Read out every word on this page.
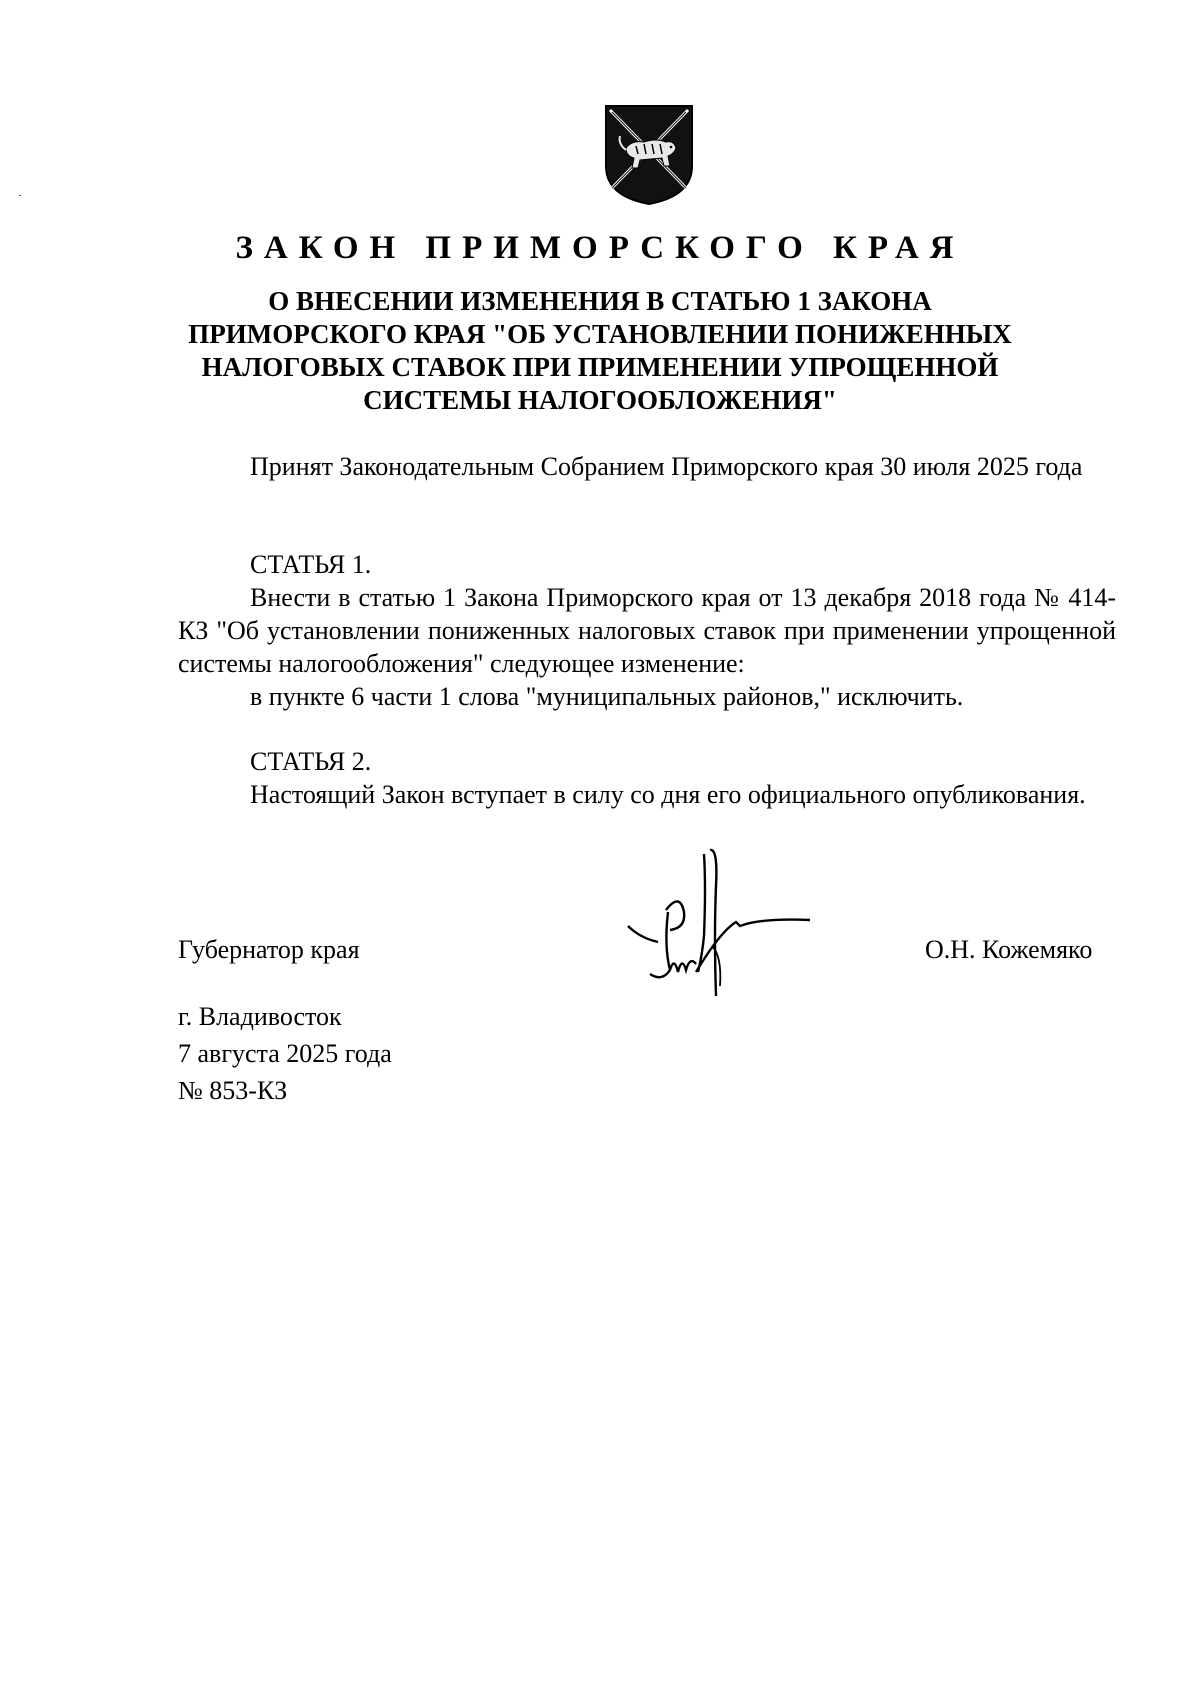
ЗАКОН ПРИМОРСКОГО КРАЯ
О ВНЕСЕНИИ ИЗМЕНЕНИЯ В СТАТЬЮ 1 ЗАКОНА
ПРИМОРСКОГО КРАЯ "ОБ УСТАНОВЛЕНИИ ПОНИЖЕННЫХ
НАЛОГОВЫХ СТАВОК ПРИ ПРИМЕНЕНИИ УПРОЩЕННОЙ
СИСТЕМЫ НАЛОГООБЛОЖЕНИЯ"
Принят Законодательным Собранием Приморского края 30 июля 2025 года
СТАТЬЯ 1.
Внести в статью 1 Закона Приморского края от 13 декабря 2018 года № 414-КЗ "Об установлении пониженных налоговых ставок при применении упрощенной системы налогообложения" следующее изменение:
в пункте 6 части 1 слова "муниципальных районов," исключить.
СТАТЬЯ 2.
Настоящий Закон вступает в силу со дня его официального опубликования.
Губернатор края	О.Н. Кожемяко
г. Владивосток
7 августа 2025 года
№ 853-КЗ
